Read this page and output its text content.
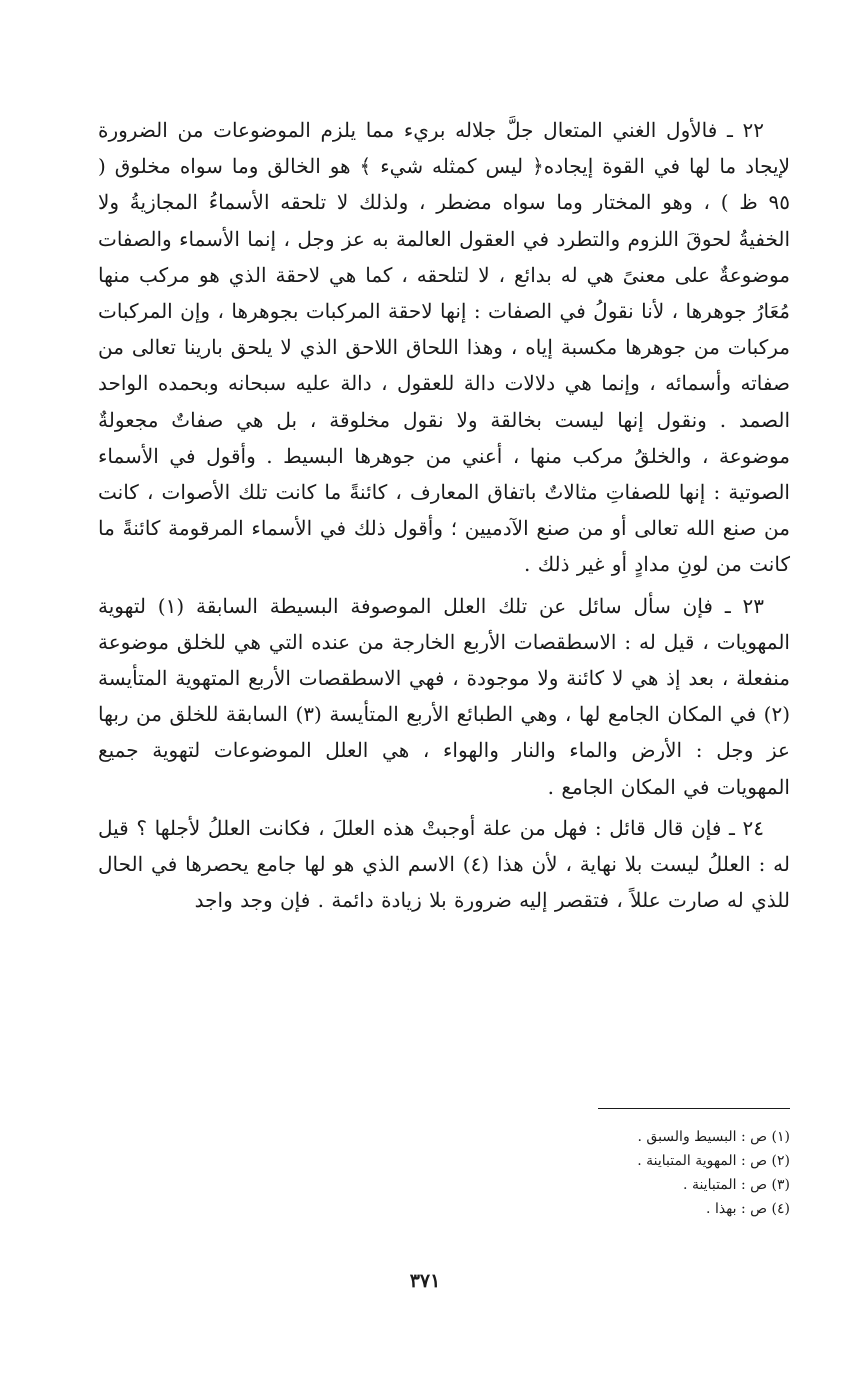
٢٢ ـ فالأول الغني المتعال جلَّ جلاله بريء مما يلزم الموضوعات من الضرورة لإيجاد ما لها في القوة إيجاده﴿ ليس كمثله شيء ﴾ هو الخالق وما سواه مخلوق ( ٩٥ ظ ) ، وهو المختار وما سواه مضطر ، ولذلك لا تلحقه الأسماءُ المجازيةُ ولا الخفيةُ لحوقَ اللزوم والتطرد في العقول العالمة به عز وجل ، إنما الأسماء والصفات موضوعةٌ على معنىً هي له بدائع ، لا لتلحقه ، كما هي لاحقة الذي هو مركب منها مُعَارُ جوهرها ، لأنا نقولُ في الصفات : إنها لاحقة المركبات بجوهرها ، وإن المركبات مركبات من جوهرها مكسبة إياه ، وهذا اللحاق اللاحق الذي لا يلحق بارينا تعالى من صفاته وأسمائه ، وإنما هي دلالات دالة للعقول ، دالة عليه سبحانه وبحمده الواحد الصمد . ونقول إنها ليست بخالقة ولا نقول مخلوقة ، بل هي صفاتٌ مجعولةٌ موضوعة ، والخلقُ مركب منها ، أعني من جوهرها البسيط . وأقول في الأسماء الصوتية : إنها للصفاتِ مثالاتٌ باتفاق المعارف ، كائنةً ما كانت تلك الأصوات ، كانت من صنع الله تعالى أو من صنع الآدميين ؛ وأقول ذلك في الأسماء المرقومة كائنةً ما كانت من لونِ مدادٍ أو غير ذلك .

٢٣ ـ فإن سأل سائل عن تلك العلل الموصوفة البسيطة السابقة (١) لتهوية المهويات ، قيل له : الاسطقصات الأربع الخارجة من عنده التي هي للخلق موضوعة منفعلة ، بعد إذ هي لا كائنة ولا موجودة ، فهي الاسطقصات الأربع المتهوية المتأيسة (٢) في المكان الجامع لها ، وهي الطبائع الأربع المتأيسة (٣) السابقة للخلق من ربها عز وجل : الأرض والماء والنار والهواء ، هي العلل الموضوعات لتهوية جميع المهويات في المكان الجامع .

٢٤ ـ فإن قال قائل : فهل من علة أوجبتْ هذه العللَ ، فكانت العللُ لأجلها ؟ قيل له : العللُ ليست بلا نهاية ، لأن هذا (٤) الاسم الذي هو لها جامع يحصرها في الحال للذي له صارت عللاً ، فتقصر إليه ضرورة بلا زيادة دائمة . فإن وجد واجد

(١) ص : البسيط والسبق .

(٢) ص : المهوية المتباينة .

(٣) ص : المتباينة .

(٤) ص : بهذا .

٣٧١
